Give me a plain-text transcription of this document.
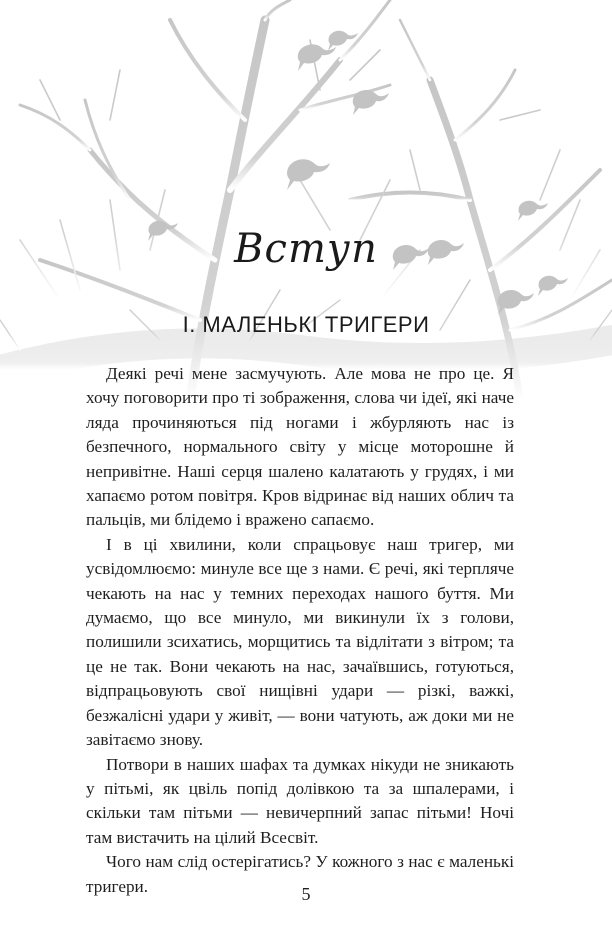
Вступ
I. МАЛЕНЬКІ ТРИГЕРИ

Деякі речі мене засмучують. Але мова не про це. Я хочу поговорити про ті зображення, слова чи ідеї, які наче ляда прочиняються під ногами і жбурляють нас із безпечного, нормального світу у місце моторошне й непривітне. Наші серця шалено калатають у грудях, і ми хапаємо ротом повітря. Кров відринає від наших облич та пальців, ми блідемо і вражено сапаємо.

І в ці хвилини, коли спрацьовує наш тригер, ми усвідомлюємо: минуле все ще з нами. Є речі, які терпляче чекають на нас у темних переходах нашого буття. Ми думаємо, що все минуло, ми викинули їх з голови, полишили зсихатись, морщитись та відлітати з вітром; та це не так. Вони чекають на нас, зачаївшись, готуються, відпрацьовують свої нищівні удари — різкі, важкі, безжалісні удари у живіт, — вони чатують, аж доки ми не завітаємо знову.

Потвори в наших шафах та думках нікуди не зникають у пітьмі, як цвіль попід долівкою та за шпалерами, і скільки там пітьми — невичерпний запас пітьми! Ночі там вистачить на цілий Всесвіт.

Чого нам слід остерігатись? У кожного з нас є маленькі тригери.	5
